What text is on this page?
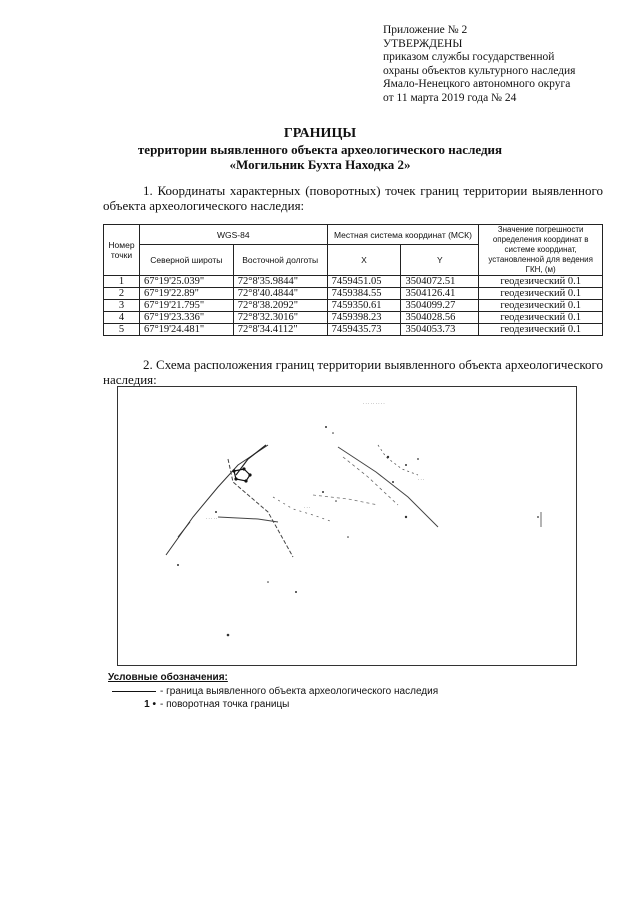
Приложение № 2
УТВЕРЖДЕНЫ
приказом службы государственной
охраны объектов культурного наследия
Ямало-Ненецкого автономного округа
от 11 марта 2019 года № 24
ГРАНИЦЫ
территории выявленного объекта археологического наследия
«Могильник Бухта Находка 2»
1. Координаты характерных (поворотных) точек границ территории выявленного объекта археологического наследия:
Номер точки	WGS-84		Местная система координат (МСК)		Значение погрешности определения координат в системе координат, установленной для ведения ГКН, (м)
	Северной широты	Восточной долготы	X	Y	
1	67°19'25.039"	72°8'35.9844"	7459451.05	3504072.51	геодезический 0.1
2	67°19'22.89"	72°8'40.4844"	7459384.55	3504126.41	геодезический 0.1
3	67°19'21.795"	72°8'38.2092"	7459350.61	3504099.27	геодезический 0.1
4	67°19'23.336"	72°8'32.3016"	7459398.23	3504028.56	геодезический 0.1
5	67°19'24.481"	72°8'34.4112"	7459435.73	3504053.73	геодезический 0.1
2. Схема расположения границ территории выявленного объекта археологического наследия:
· · · · · · · · ·
· · · · ·
· · ·
· · ·
Условные обозначения:
- граница выявленного объекта археологического наследия
1 • - поворотная точка границы
